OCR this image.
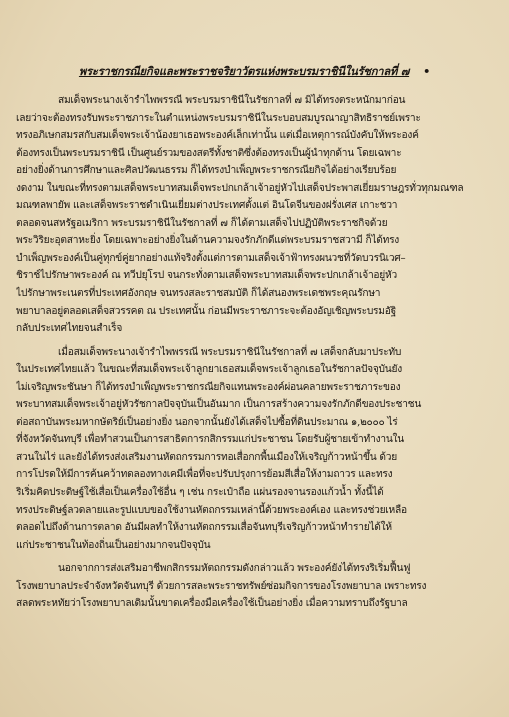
พระราชกรณียกิจและพระราชจริยาวัตรแห่งพระบรมราชินีในรัชกาลที่ ๗ •
สมเด็จพระนางเจ้ารำไพพรรณี พระบรมราชินีในรัชกาลที่ ๗ มิได้ทรงตระหนักมาก่อน
เลยว่าจะต้องทรงรับพระราชภาระในตำแหน่งพระบรมราชินีในระบอบสมบูรณาญาสิทธิราชย์เพราะ
ทรงอภิเษกสมรสกับสมเด็จพระเจ้าน้องยาเธอพระองค์เล็กเท่านั้น แต่เมื่อเหตุการณ์บังคับให้พระองค์
ต้องทรงเป็นพระบรมราชินี เป็นศูนย์รวมของสตรีทั้งชาติซึ่งต้องทรงเป็นผู้นำทุกด้าน โดยเฉพาะ
อย่างยิ่งด้านการศึกษาและศิลปวัฒนธรรม ก็ได้ทรงบำเพ็ญพระราชกรณียกิจได้อย่างเรียบร้อย
งดงาม ในขณะที่ทรงตามเสด็จพระบาทสมเด็จพระปกเกล้าเจ้าอยู่หัวไปเสด็จประพาสเยี่ยมราษฎรทั่วทุกมณฑล
มณฑลพายัพ และเสด็จพระราชดำเนินเยี่ยมต่างประเทศตั้งแต่ อินโดจีนของฝรั่งเศส เกาะชวา
ตลอดจนสหรัฐอเมริกา พระบรมราชินีในรัชกาลที่ ๗ ก็ได้ตามเสด็จไปปฏิบัติพระราชกิจด้วย
พระวิริยะอุตสาหะยิ่ง โดยเฉพาะอย่างยิ่งในด้านความจงรักภักดีแด่พระบรมราชสวามี ก็ได้ทรง
บำเพ็ญพระองค์เป็นคู่ทุกข์คู่ยากอย่างแท้จริงตั้งแต่การตามเสด็จเจ้าฟ้าทรงผนวชที่วัดบวรนิเวศ–
ชิราช์ไปรักษาพระองค์ ณ ทวีปยุโรป จนกระทั่งตามเสด็จพระบาทสมเด็จพระปกเกล้าเจ้าอยู่หัว
ไปรักษาพระเนตรที่ประเทศอังกฤษ จนทรงสละราชสมบัติ ก็ได้สนองพระเดชพระคุณรักษา
พยาบาลอยู่ตลอดเสด็จสวรรคต ณ ประเทศนั้น ก่อนมีพระราชภาระจะต้องอัญเชิญพระบรมอัฐิ
กลับประเทศไทยจนสำเร็จ
เมื่อสมเด็จพระนางเจ้ารำไพพรรณี พระบรมราชินีในรัชกาลที่ ๗ เสด็จกลับมาประทับ
ในประเทศไทยแล้ว ในขณะที่สมเด็จพระเจ้าลูกยาเธอสมเด็จพระเจ้าลูกเธอในรัชกาลปัจจุบันยัง
ไม่เจริญพระชันษา ก็ได้ทรงบำเพ็ญพระราชกรณียกิจแทนพระองค์ผ่อนคลายพระราชภาระของ
พระบาทสมเด็จพระเจ้าอยู่หัวรัชกาลปัจจุบันเป็นอันมาก เป็นการสร้างความจงรักภักดีของประชาชน
ต่อสถาบันพระมหากษัตริย์เป็นอย่างยิ่ง นอกจากนั้นยังได้เสด็จไปซื้อที่ดินประมาณ ๑,๒๐๐๐ ไร่
ที่จังหวัดจันทบุรี เพื่อทำสวนเป็นการสาธิตการกสิกรรมแก่ประชาชน โดยรับผู้ชายเข้าทำงานใน
สวนในไร่ และยังได้ทรงส่งเสริมงานหัตถกรรมการทอเสื่อกกพื้นเมืองให้เจริญก้าวหน้าขึ้น ด้วย
การโปรดให้มีการค้นคว้าทดลองทางเคมีเพื่อที่จะปรับปรุงการย้อมสีเสื่อให้งามถาวร และทรง
ริเริ่มคิดประดิษฐ์ใช้เสื่อเป็นเครื่องใช้อื่น ๆ เช่น กระเป๋าถือ แผ่นรองจานรองแก้วน้ำ ทั้งนี้ได้
ทรงประดิษฐ์ลวดลายและรูปแบบของใช้งานหัตถกรรมเหล่านี้ด้วยพระองค์เอง และทรงช่วยเหลือ
ตลอดไปถึงด้านการตลาด อันมีผลทำให้งานหัตถกรรมเสื่อจันทบุรีเจริญก้าวหน้าทำรายได้ให้
แก่ประชาชนในท้องถิ่นเป็นอย่างมากจนปัจจุบัน
นอกจากการส่งเสริมอาชีพกสิกรรมหัตถกรรมดังกล่าวแล้ว พระองค์ยังได้ทรงริเริ่มฟื้นฟู
โรงพยาบาลประจำจังหวัดจันทบุรี ด้วยการสละพระราชทรัพย์ซ่อมกิจการของโรงพยาบาล เพราะทรง
สลดพระหทัยว่าโรงพยาบาลเดิมนั้นขาดเครื่องมือเครื่องใช้เป็นอย่างยิ่ง เมื่อความทราบถึงรัฐบาล
